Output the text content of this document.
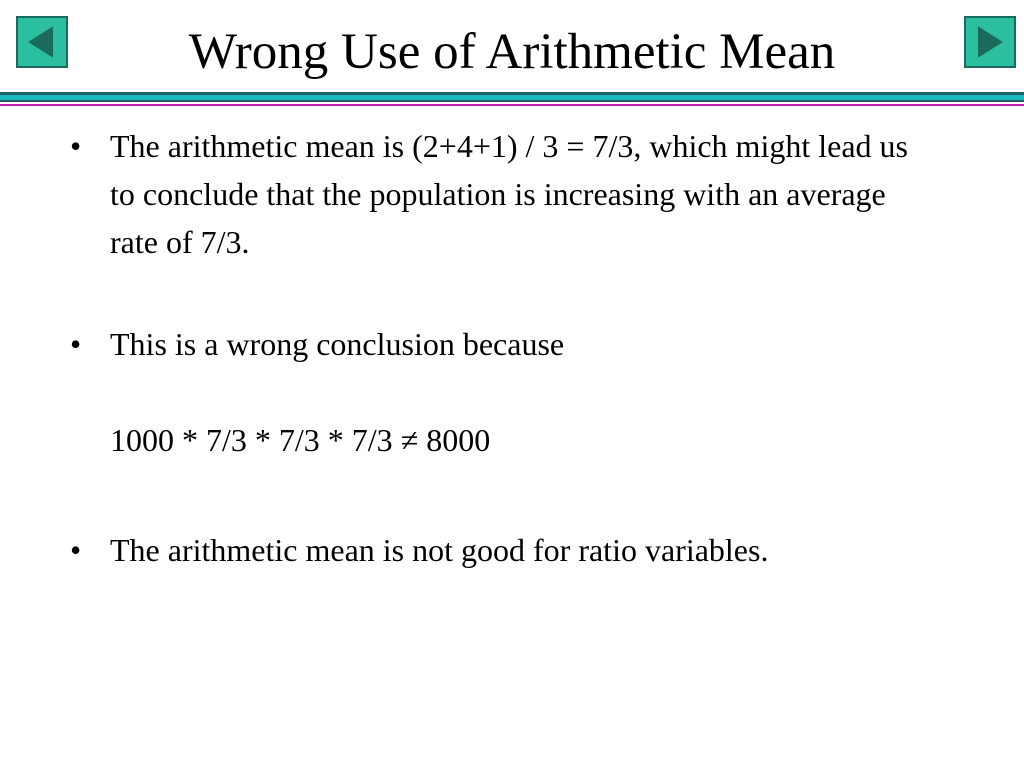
Wrong Use of Arithmetic Mean
• The arithmetic mean is (2+4+1) / 3 = 7/3, which might lead us to conclude that the population is increasing with an average rate of 7/3.
• This is a wrong conclusion because
1000 * 7/3 * 7/3 * 7/3 ≠ 8000
• The arithmetic mean is not good for ratio variables.
